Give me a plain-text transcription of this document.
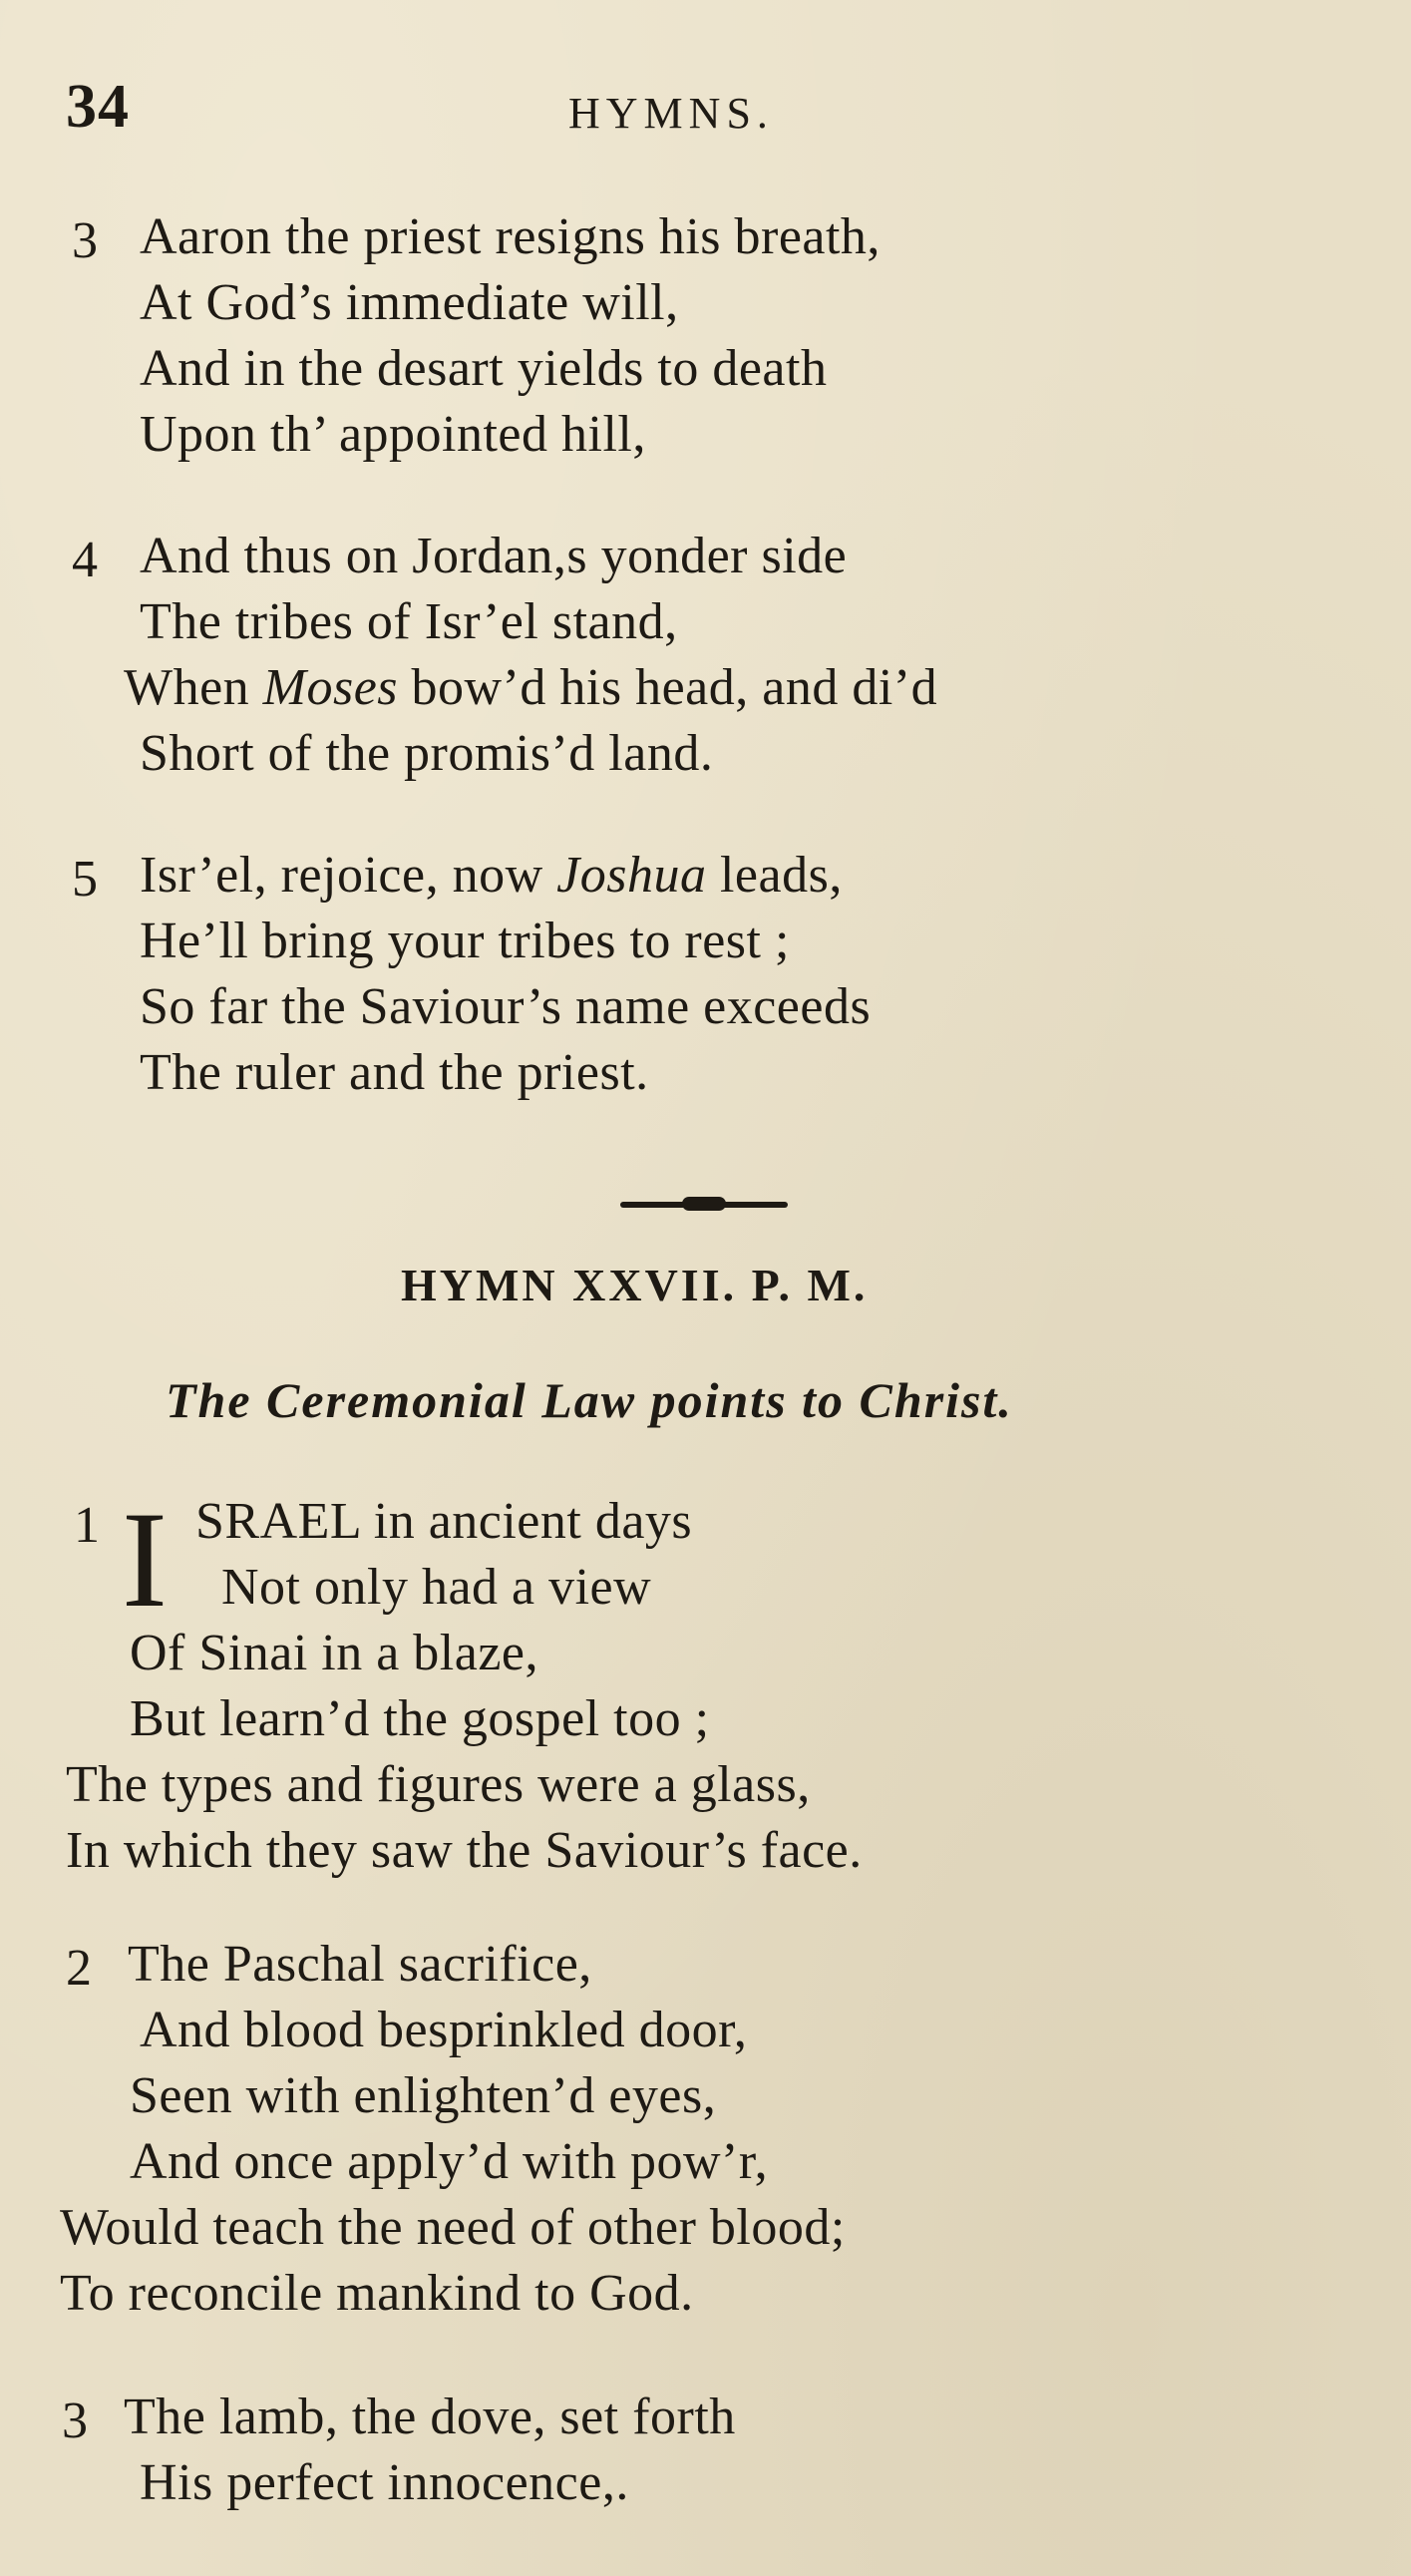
34	HYMNS.
3 Aaron the priest resigns his breath,
At God’s immediate will,
And in the desart yields to death
Upon th’ appointed hill,
4 And thus on Jordan,s yonder side
The tribes of Isr’el stand,
When Moses bow’d his head, and di’d
Short of the promis’d land.
5 Isr’el, rejoice, now Joshua leads,
He’ll bring your tribes to rest ;
So far the Saviour’s name exceeds
The ruler and the priest.
HYMN XXVII. P. M.
The Ceremonial Law points to Christ.
1 I SRAEL in ancient days
Not only had a view
Of Sinai in a blaze,
But learn’d the gospel too ;
The types and figures were a glass,
In which they saw the Saviour’s face.
2 The Paschal sacrifice,
And blood besprinkled door,
Seen with enlighten’d eyes,
And once apply’d with pow’r,
Would teach the need of other blood;
To reconcile mankind to God.
3 The lamb, the dove, set forth
His perfect innocence,.
